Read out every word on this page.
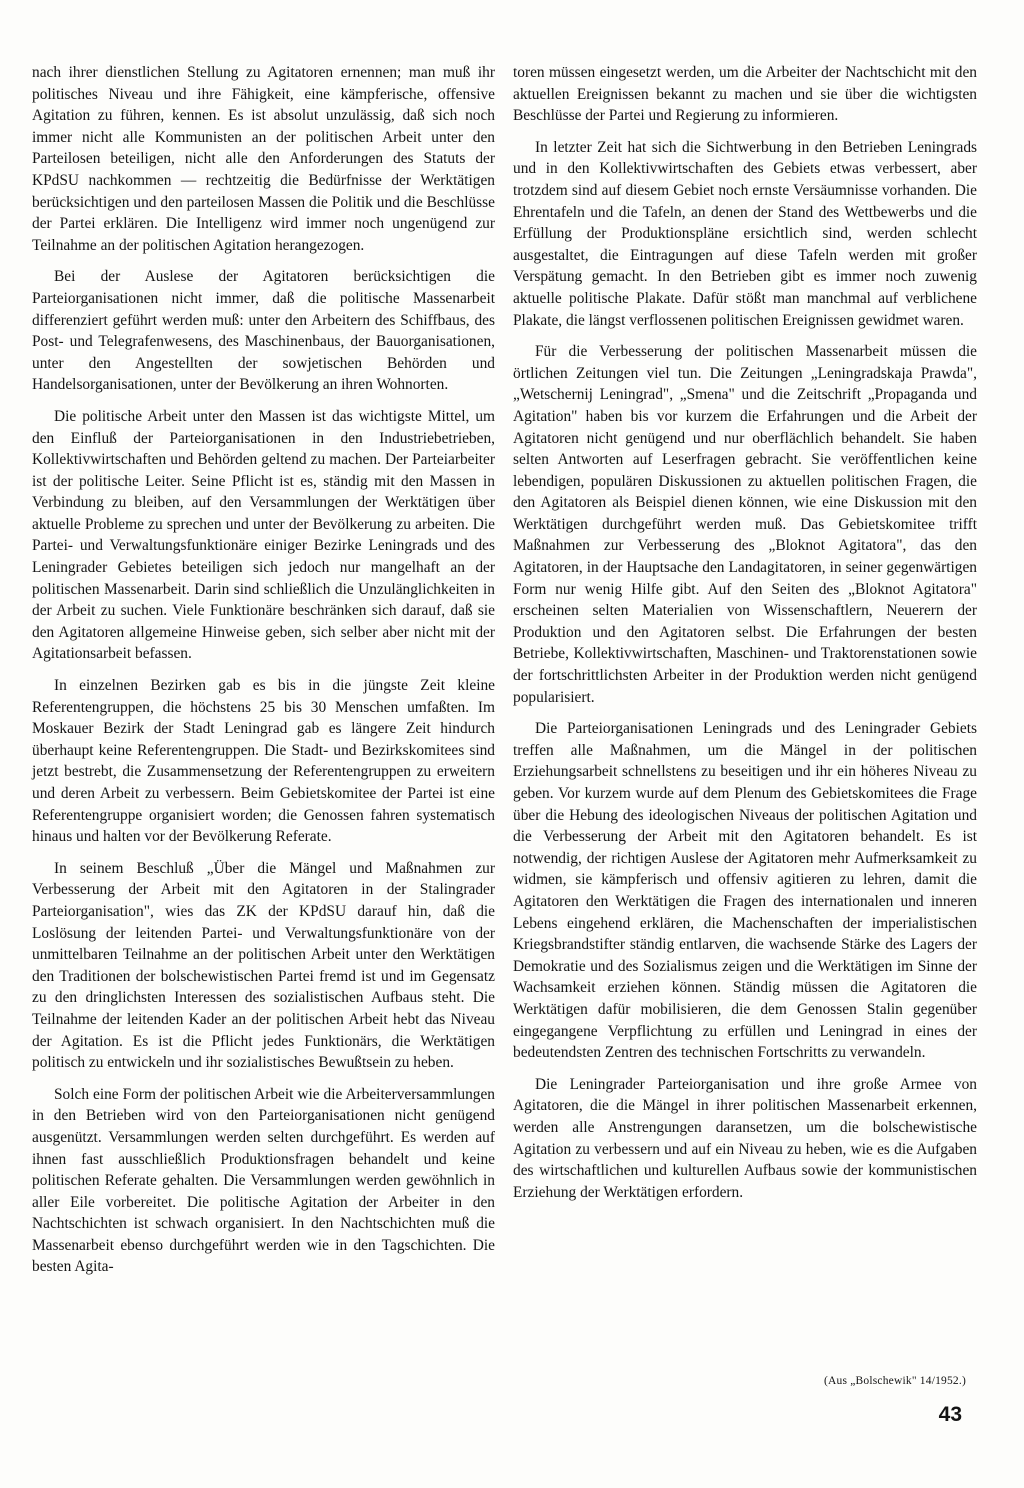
nach ihrer dienstlichen Stellung zu Agitatoren ernennen; man muß ihr politisches Niveau und ihre Fähigkeit, eine kämpferische, offensive Agitation zu führen, kennen. Es ist absolut unzulässig, daß sich noch immer nicht alle Kommunisten an der politischen Arbeit unter den Parteilosen beteiligen, nicht alle den Anforderungen des Statuts der KPdSU nachkommen — rechtzeitig die Bedürfnisse der Werktätigen berücksichtigen und den parteilosen Massen die Politik und die Beschlüsse der Partei erklären. Die Intelligenz wird immer noch ungenügend zur Teilnahme an der politischen Agitation herangezogen.

Bei der Auslese der Agitatoren berücksichtigen die Parteiorganisationen nicht immer, daß die politische Massenarbeit differenziert geführt werden muß: unter den Arbeitern des Schiffbaus, des Post- und Telegrafenwesens, des Maschinenbaus, der Bauorganisationen, unter den Angestellten der sowjetischen Behörden und Handelsorganisationen, unter der Bevölkerung an ihren Wohnorten.

Die politische Arbeit unter den Massen ist das wichtigste Mittel, um den Einfluß der Parteiorganisationen in den Industriebetrieben, Kollektivwirtschaften und Behörden geltend zu machen. Der Parteiarbeiter ist der politische Leiter. Seine Pflicht ist es, ständig mit den Massen in Verbindung zu bleiben, auf den Versammlungen der Werktätigen über aktuelle Probleme zu sprechen und unter der Bevölkerung zu arbeiten. Die Partei- und Verwaltungsfunktionäre einiger Bezirke Leningrads und des Leningrader Gebietes beteiligen sich jedoch nur mangelhaft an der politischen Massenarbeit. Darin sind schließlich die Unzulänglichkeiten in der Arbeit zu suchen. Viele Funktionäre beschränken sich darauf, daß sie den Agitatoren allgemeine Hinweise geben, sich selber aber nicht mit der Agitationsarbeit befassen.

In einzelnen Bezirken gab es bis in die jüngste Zeit kleine Referentengruppen, die höchstens 25 bis 30 Menschen umfaßten. Im Moskauer Bezirk der Stadt Leningrad gab es längere Zeit hindurch überhaupt keine Referentengruppen. Die Stadt- und Bezirkskomitees sind jetzt bestrebt, die Zusammensetzung der Referentengruppen zu erweitern und deren Arbeit zu verbessern. Beim Gebietskomitee der Partei ist eine Referentengruppe organisiert worden; die Genossen fahren systematisch hinaus und halten vor der Bevölkerung Referate.

In seinem Beschluß „Über die Mängel und Maßnahmen zur Verbesserung der Arbeit mit den Agitatoren in der Stalingrader Parteiorganisation", wies das ZK der KPdSU darauf hin, daß die Loslösung der leitenden Partei- und Verwaltungsfunktionäre von der unmittelbaren Teilnahme an der politischen Arbeit unter den Werktätigen den Traditionen der bolschewistischen Partei fremd ist und im Gegensatz zu den dringlichsten Interessen des sozialistischen Aufbaus steht. Die Teilnahme der leitenden Kader an der politischen Arbeit hebt das Niveau der Agitation. Es ist die Pflicht jedes Funktionärs, die Werktätigen politisch zu entwickeln und ihr sozialistisches Bewußtsein zu heben.

Solch eine Form der politischen Arbeit wie die Arbeiterversammlungen in den Betrieben wird von den Parteiorganisationen nicht genügend ausgenützt. Versammlungen werden selten durchgeführt. Es werden auf ihnen fast ausschließlich Produktionsfragen behandelt und keine politischen Referate gehalten. Die Versammlungen werden gewöhnlich in aller Eile vorbereitet. Die politische Agitation der Arbeiter in den Nachtschichten ist schwach organisiert. In den Nachtschichten muß die Massenarbeit ebenso durchgeführt werden wie in den Tagschichten. Die besten Agita-

toren müssen eingesetzt werden, um die Arbeiter der Nachtschicht mit den aktuellen Ereignissen bekannt zu machen und sie über die wichtigsten Beschlüsse der Partei und Regierung zu informieren.

In letzter Zeit hat sich die Sichtwerbung in den Betrieben Leningrads und in den Kollektivwirtschaften des Gebiets etwas verbessert, aber trotzdem sind auf diesem Gebiet noch ernste Versäumnisse vorhanden. Die Ehrentafeln und die Tafeln, an denen der Stand des Wettbewerbs und die Erfüllung der Produktionspläne ersichtlich sind, werden schlecht ausgestaltet, die Eintragungen auf diese Tafeln werden mit großer Verspätung gemacht. In den Betrieben gibt es immer noch zuwenig aktuelle politische Plakate. Dafür stößt man manchmal auf verblichene Plakate, die längst verflossenen politischen Ereignissen gewidmet waren.

Für die Verbesserung der politischen Massenarbeit müssen die örtlichen Zeitungen viel tun. Die Zeitungen „Leningradskaja Prawda", „Wetschernij Leningrad", „Smena" und die Zeitschrift „Propaganda und Agitation" haben bis vor kurzem die Erfahrungen und die Arbeit der Agitatoren nicht genügend und nur oberflächlich behandelt. Sie haben selten Antworten auf Leserfragen gebracht. Sie veröffentlichen keine lebendigen, populären Diskussionen zu aktuellen politischen Fragen, die den Agitatoren als Beispiel dienen können, wie eine Diskussion mit den Werktätigen durchgeführt werden muß. Das Gebietskomitee trifft Maßnahmen zur Verbesserung des „Bloknot Agitatora", das den Agitatoren, in der Hauptsache den Landagitatoren, in seiner gegenwärtigen Form nur wenig Hilfe gibt. Auf den Seiten des „Bloknot Agitatora" erscheinen selten Materialien von Wissenschaftlern, Neuerern der Produktion und den Agitatoren selbst. Die Erfahrungen der besten Betriebe, Kollektivwirtschaften, Maschinen- und Traktorenstationen sowie der fortschrittlichsten Arbeiter in der Produktion werden nicht genügend popularisiert.

Die Parteiorganisationen Leningrads und des Leningrader Gebiets treffen alle Maßnahmen, um die Mängel in der politischen Erziehungsarbeit schnellstens zu beseitigen und ihr ein höheres Niveau zu geben. Vor kurzem wurde auf dem Plenum des Gebietskomitees die Frage über die Hebung des ideologischen Niveaus der politischen Agitation und die Verbesserung der Arbeit mit den Agitatoren behandelt. Es ist notwendig, der richtigen Auslese der Agitatoren mehr Aufmerksamkeit zu widmen, sie kämpferisch und offensiv agitieren zu lehren, damit die Agitatoren den Werktätigen die Fragen des internationalen und inneren Lebens eingehend erklären, die Machenschaften der imperialistischen Kriegsbrandstifter ständig entlarven, die wachsende Stärke des Lagers der Demokratie und des Sozialismus zeigen und die Werktätigen im Sinne der Wachsamkeit erziehen können. Ständig müssen die Agitatoren die Werktätigen dafür mobilisieren, die dem Genossen Stalin gegenüber eingegangene Verpflichtung zu erfüllen und Leningrad in eines der bedeutendsten Zentren des technischen Fortschritts zu verwandeln.

Die Leningrader Parteiorganisation und ihre große Armee von Agitatoren, die die Mängel in ihrer politischen Massenarbeit erkennen, werden alle Anstrengungen daransetzen, um die bolschewistische Agitation zu verbessern und auf ein Niveau zu heben, wie es die Aufgaben des wirtschaftlichen und kulturellen Aufbaus sowie der kommunistischen Erziehung der Werktätigen erfordern.

(Aus „Bolschewik" 14/1952.)
43
